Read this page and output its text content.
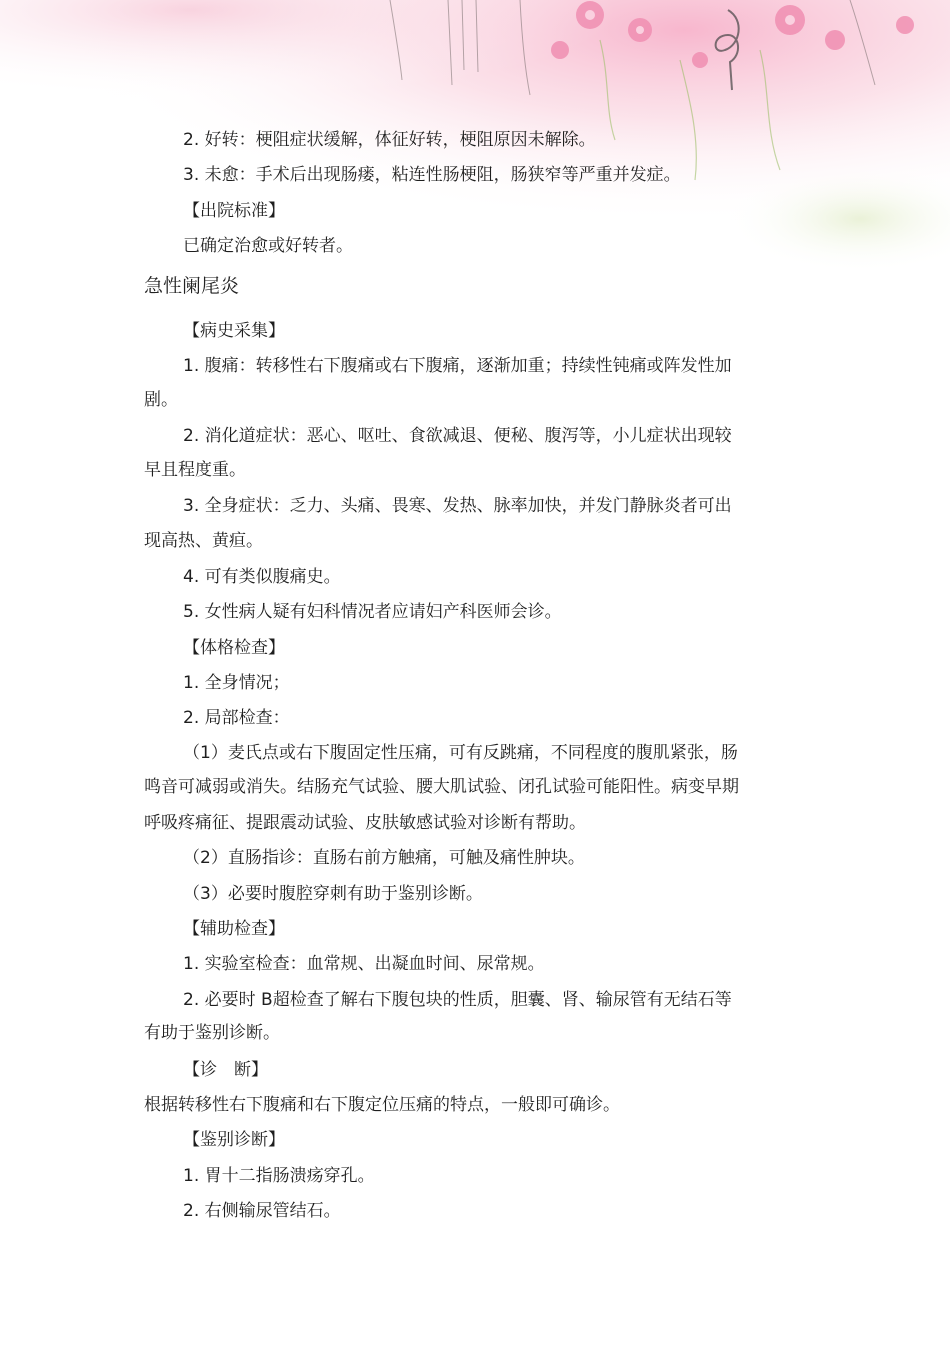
2. 好转：梗阻症状缓解，体征好转，梗阻原因未解除。
3. 未愈：手术后出现肠瘘，粘连性肠梗阻，肠狭窄等严重并发症。
【出院标准】
已确定治愈或好转者。
急性阑尾炎
【病史采集】
1. 腹痛：转移性右下腹痛或右下腹痛，逐渐加重；持续性钝痛或阵发性加
剧。
2. 消化道症状：恶心、呕吐、食欲减退、便秘、腹泻等，小儿症状出现较
早且程度重。
3. 全身症状：乏力、头痛、畏寒、发热、脉率加快，并发门静脉炎者可出
现高热、黄疸。
4. 可有类似腹痛史。
5. 女性病人疑有妇科情况者应请妇产科医师会诊。
【体格检查】
1. 全身情况；
2. 局部检查：
（1）麦氏点或右下腹固定性压痛，可有反跳痛，不同程度的腹肌紧张，肠
鸣音可减弱或消失。结肠充气试验、腰大肌试验、闭孔试验可能阳性。病变早期
呼吸疼痛征、提跟震动试验、皮肤敏感试验对诊断有帮助。
（2）直肠指诊：直肠右前方触痛，可触及痛性肿块。
（3）必要时腹腔穿刺有助于鉴别诊断。
【辅助检查】
1. 实验室检查：血常规、出凝血时间、尿常规。
2. 必要时 B超检查了解右下腹包块的性质，胆囊、肾、输尿管有无结石等
有助于鉴别诊断。
【诊　断】
根据转移性右下腹痛和右下腹定位压痛的特点，一般即可确诊。
【鉴别诊断】
1. 胃十二指肠溃疡穿孔。
2. 右侧输尿管结石。
